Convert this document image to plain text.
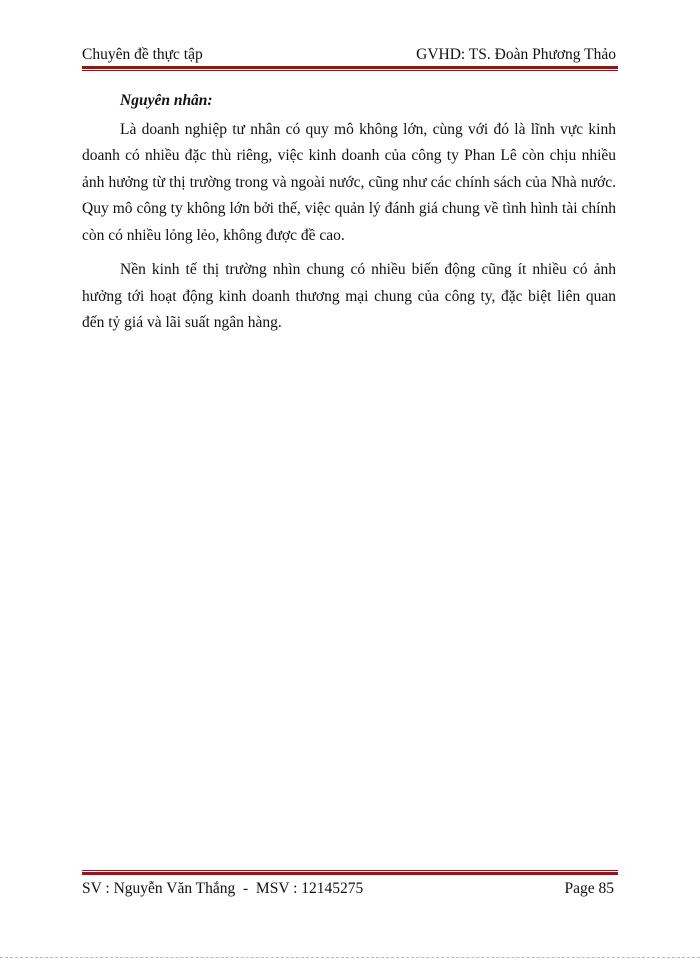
Chuyên đề thực tập	GVHD: TS. Đoàn Phương Thảo

Nguyên nhân:

Là doanh nghiệp tư nhân có quy mô không lớn, cùng với đó là lĩnh vực kinh doanh có nhiều đặc thù riêng, việc kinh doanh của công ty Phan Lê còn chịu nhiều ảnh hưởng từ thị trường trong và ngoài nước, cũng như các chính sách của Nhà nước. Quy mô công ty không lớn bởi thế, việc quản lý đánh giá chung về tình hình tài chính còn có nhiều lỏng lẻo, không được đề cao.

Nền kinh tế thị trường nhìn chung có nhiều biến động cũng ít nhiều có ảnh hưởng tới hoạt động kinh doanh thương mại chung của công ty, đặc biệt liên quan đến tỷ giá và lãi suất ngân hàng.

SV : Nguyễn Văn Thắng  -  MSV : 12145275	Page 85
